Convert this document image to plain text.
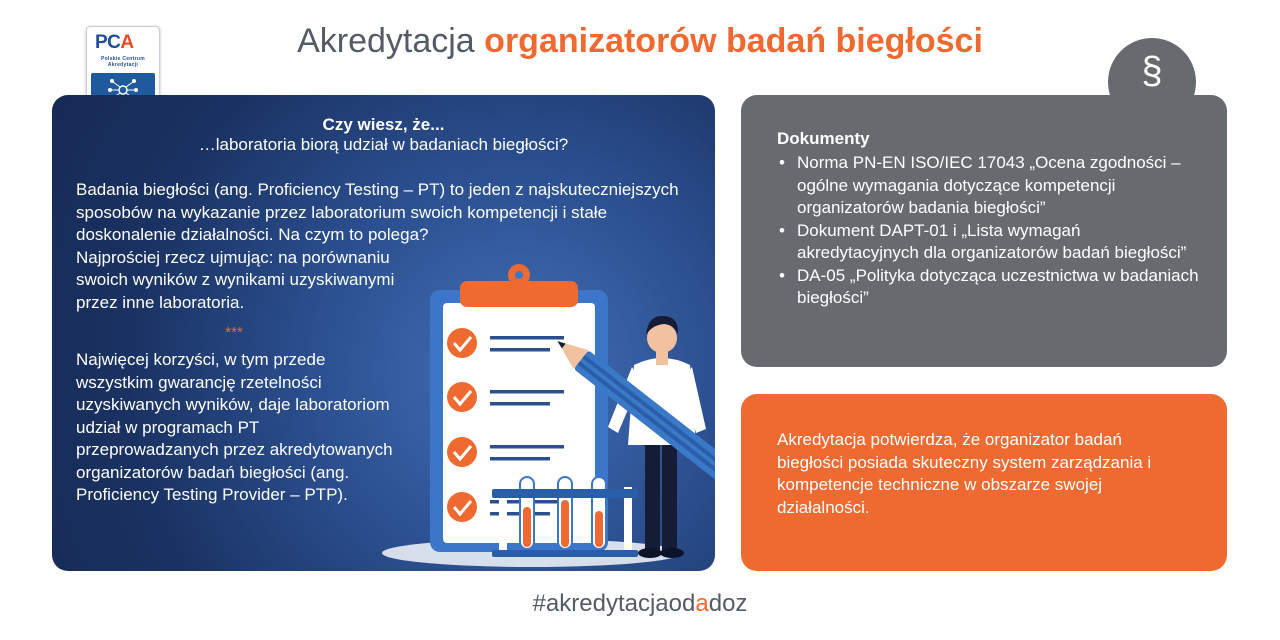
PCA
Polskie Centrum
Akredytacji
Akredytacja organizatorów badań biegłości
Czy wiesz, że...
…laboratoria biorą udział w badaniach biegłości?
Badania biegłości (ang. Proficiency Testing – PT) to jeden z najskuteczniejszych sposobów na wykazanie przez laboratorium swoich kompetencji i stałe doskonalenie działalności. Na czym to polega? Najprościej rzecz ujmując: na porównaniu swoich wyników z wynikami uzyskiwanymi przez inne laboratoria.
***
Najwięcej korzyści, w tym przede wszystkim gwarancję rzetelności uzyskiwanych wyników, daje laboratoriom udział w programach PT przeprowadzanych przez akredytowanych organizatorów badań biegłości (ang. Proficiency Testing Provider – PTP).
Dokumenty
• Norma PN-EN ISO/IEC 17043 „Ocena zgodności – ogólne wymagania dotyczące kompetencji organizatorów badania biegłości”
• Dokument DAPT-01 i „Lista wymagań akredytacyjnych dla organizatorów badań biegłości”
• DA-05 „Polityka dotycząca uczestnictwa w badaniach biegłości”
§
Akredytacja potwierdza, że organizator badań biegłości posiada skuteczny system zarządzania i kompetencje techniczne w obszarze swojej działalności.
#akredytacjaodadoz
